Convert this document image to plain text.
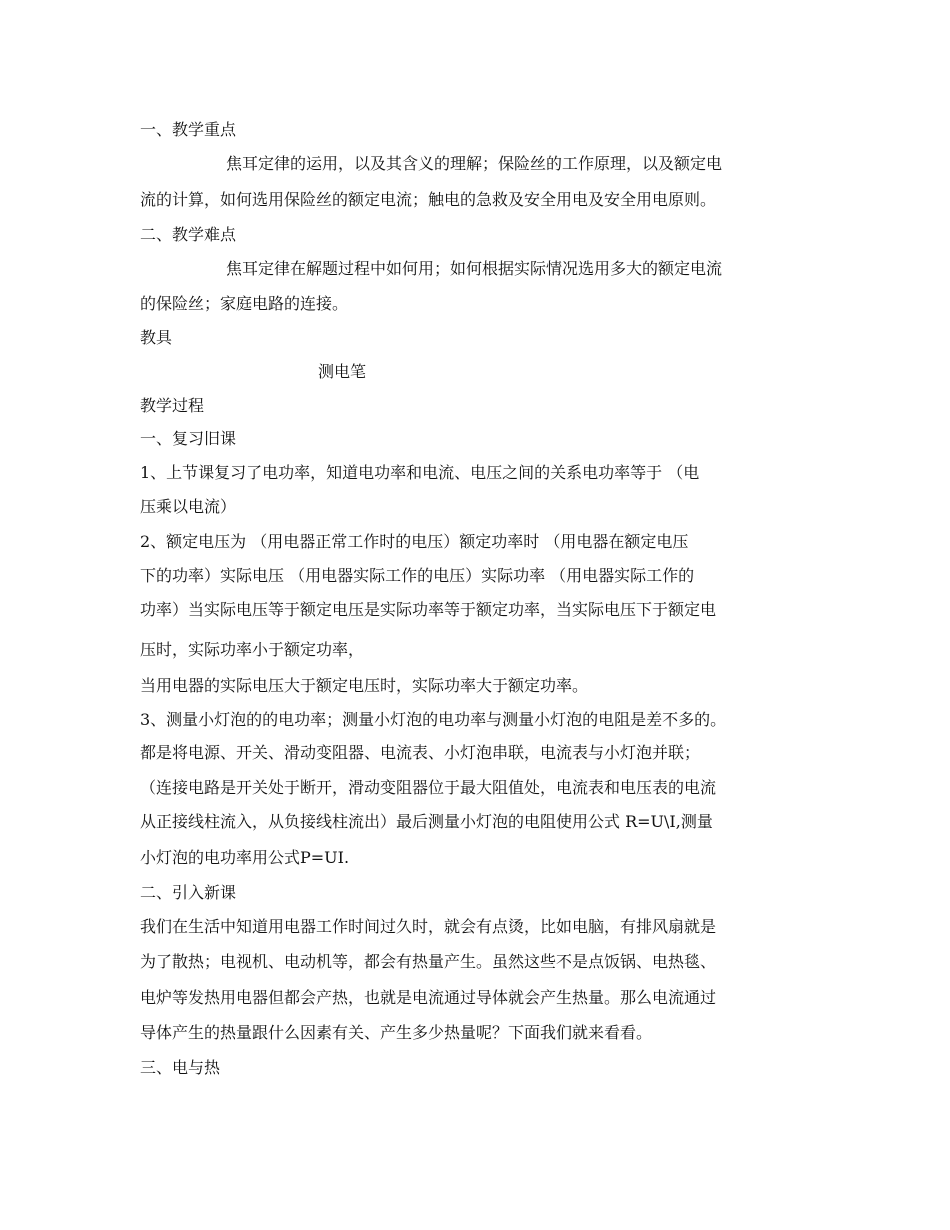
一、教学重点
焦耳定律的运用，以及其含义的理解；保险丝的工作原理，以及额定电
流的计算，如何选用保险丝的额定电流；触电的急救及安全用电及安全用电原则。
二、教学难点
焦耳定律在解题过程中如何用；如何根据实际情况选用多大的额定电流
的保险丝；家庭电路的连接。
教具
测电笔
教学过程
一、复习旧课
1、上节课复习了电功率，知道电功率和电流、电压之间的关系电功率等于 （电
压乘以电流）
2、额定电压为 （用电器正常工作时的电压）额定功率时 （用电器在额定电压
下的功率）实际电压 （用电器实际工作的电压）实际功率 （用电器实际工作的
功率）当实际电压等于额定电压是实际功率等于额定功率，当实际电压下于额定电
压时，实际功率小于额定功率，
当用电器的实际电压大于额定电压时，实际功率大于额定功率。
3、测量小灯泡的的电功率；测量小灯泡的电功率与测量小灯泡的电阻是差不多的。
都是将电源、开关、滑动变阻器、电流表、小灯泡串联，电流表与小灯泡并联；
（连接电路是开关处于断开，滑动变阻器位于最大阻值处，电流表和电压表的电流
从正接线柱流入，从负接线柱流出）最后测量小灯泡的电阻使用公式 R=U\I,测量
小灯泡的电功率用公式P=UI.
二、引入新课
我们在生活中知道用电器工作时间过久时，就会有点烫，比如电脑，有排风扇就是
为了散热；电视机、电动机等，都会有热量产生。虽然这些不是点饭锅、电热毯、
电炉等发热用电器但都会产热，也就是电流通过导体就会产生热量。那么电流通过
导体产生的热量跟什么因素有关、产生多少热量呢？下面我们就来看看。
三、电与热
